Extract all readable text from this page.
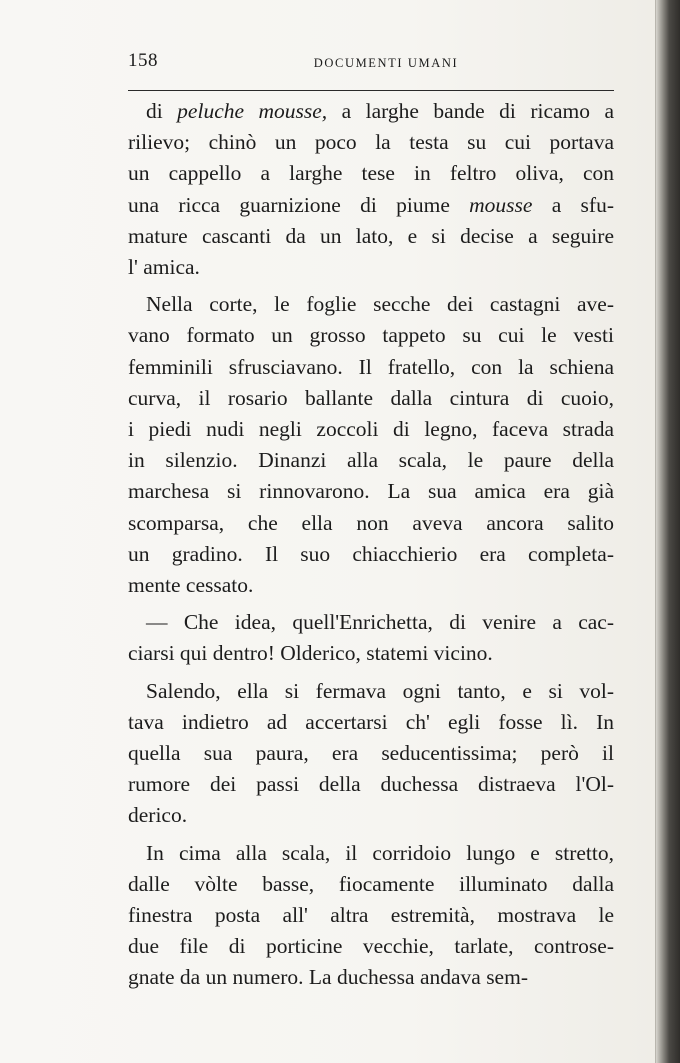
158	DOCUMENTI UMANI
di peluche mousse, a larghe bande di ricamo a
rilievo; chinò un poco la testa su cui portava
un cappello a larghe tese in feltro oliva, con
una ricca guarnizione di piume mousse a sfu-
mature cascanti da un lato, e si decise a seguire
l' amica.
Nella corte, le foglie secche dei castagni ave-
vano formato un grosso tappeto su cui le vesti
femminili sfrusciavano. Il fratello, con la schiena
curva, il rosario ballante dalla cintura di cuoio,
i piedi nudi negli zoccoli di legno, faceva strada
in silenzio. Dinanzi alla scala, le paure della
marchesa si rinnovarono. La sua amica era già
scomparsa, che ella non aveva ancora salito
un gradino. Il suo chiacchierio era completa-
mente cessato.
— Che idea, quell'Enrichetta, di venire a cac-
ciarsi qui dentro! Olderico, statemi vicino.
Salendo, ella si fermava ogni tanto, e si vol-
tava indietro ad accertarsi ch' egli fosse lì. In
quella sua paura, era seducentissima; però il
rumore dei passi della duchessa distraeva l'Ol-
derico.
In cima alla scala, il corridoio lungo e stretto,
dalle vòlte basse, fiocamente illuminato dalla
finestra posta all' altra estremità, mostrava le
due file di porticine vecchie, tarlate, controse-
gnate da un numero. La duchessa andava sem-
